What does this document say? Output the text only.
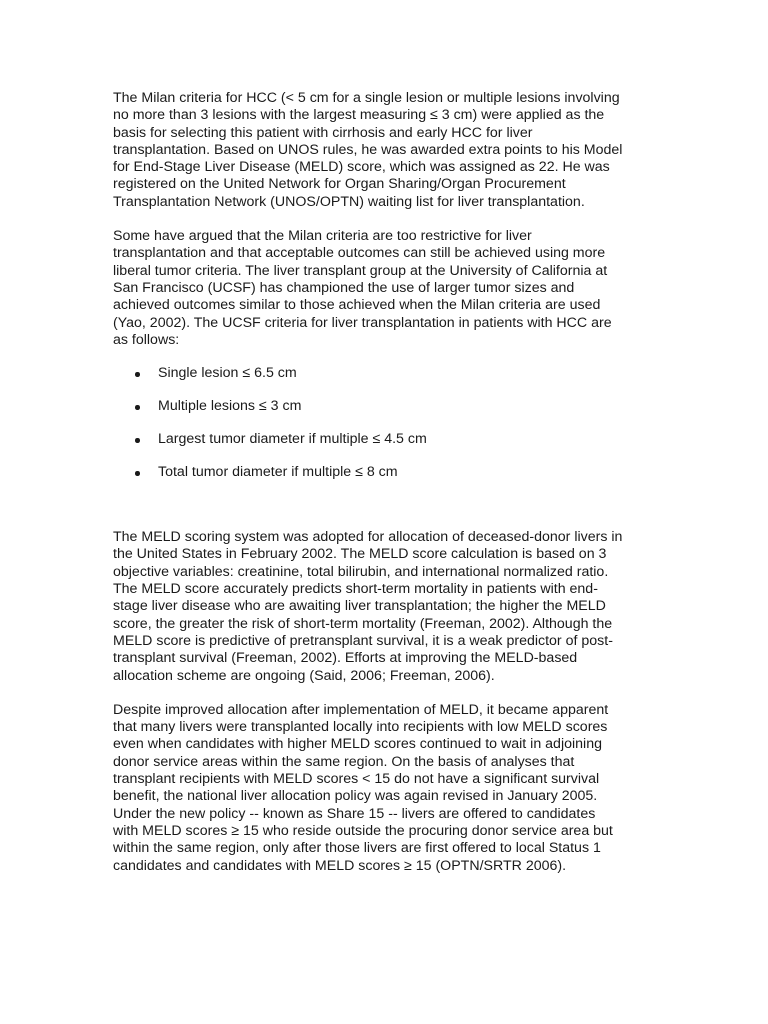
The Milan criteria for HCC (< 5 cm for a single lesion or multiple lesions involving
no more than 3 lesions with the largest measuring ≤ 3 cm) were applied as the
basis for selecting this patient with cirrhosis and early HCC for liver
transplantation. Based on UNOS rules, he was awarded extra points to his Model
for End-Stage Liver Disease (MELD) score, which was assigned as 22. He was
registered on the United Network for Organ Sharing/Organ Procurement
Transplantation Network (UNOS/OPTN) waiting list for liver transplantation.

Some have argued that the Milan criteria are too restrictive for liver
transplantation and that acceptable outcomes can still be achieved using more
liberal tumor criteria. The liver transplant group at the University of California at
San Francisco (UCSF) has championed the use of larger tumor sizes and
achieved outcomes similar to those achieved when the Milan criteria are used
(Yao, 2002). The UCSF criteria for liver transplantation in patients with HCC are
as follows:

Single lesion ≤ 6.5 cm
Multiple lesions ≤ 3 cm
Largest tumor diameter if multiple ≤ 4.5 cm
Total tumor diameter if multiple ≤ 8 cm

The MELD scoring system was adopted for allocation of deceased-donor livers in
the United States in February 2002. The MELD score calculation is based on 3
objective variables: creatinine, total bilirubin, and international normalized ratio.
The MELD score accurately predicts short-term mortality in patients with end-
stage liver disease who are awaiting liver transplantation; the higher the MELD
score, the greater the risk of short-term mortality (Freeman, 2002). Although the
MELD score is predictive of pretransplant survival, it is a weak predictor of post-
transplant survival (Freeman, 2002). Efforts at improving the MELD-based
allocation scheme are ongoing (Said, 2006; Freeman, 2006).

Despite improved allocation after implementation of MELD, it became apparent
that many livers were transplanted locally into recipients with low MELD scores
even when candidates with higher MELD scores continued to wait in adjoining
donor service areas within the same region. On the basis of analyses that
transplant recipients with MELD scores < 15 do not have a significant survival
benefit, the national liver allocation policy was again revised in January 2005.
Under the new policy -- known as Share 15 -- livers are offered to candidates
with MELD scores ≥ 15 who reside outside the procuring donor service area but
within the same region, only after those livers are first offered to local Status 1
candidates and candidates with MELD scores ≥ 15 (OPTN/SRTR 2006).
